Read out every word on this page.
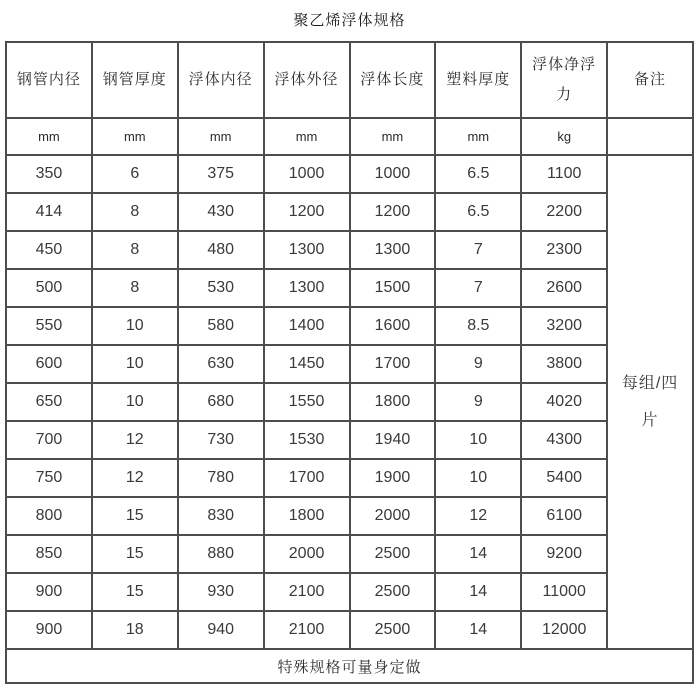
聚乙烯浮体规格
钢管内径	钢管厚度	浮体内径	浮体外径	浮体长度	塑料厚度	浮体净浮力	备注
mm	mm	mm	mm	mm	mm	kg	
350	6	375	1000	1000	6.5	1100	每组/四片
414	8	430	1200	1200	6.5	2200	
450	8	480	1300	1300	7	2300	
500	8	530	1300	1500	7	2600	
550	10	580	1400	1600	8.5	3200	
600	10	630	1450	1700	9	3800	
650	10	680	1550	1800	9	4020	
700	12	730	1530	1940	10	4300	
750	12	780	1700	1900	10	5400	
800	15	830	1800	2000	12	6100	
850	15	880	2000	2500	14	9200	
900	15	930	2100	2500	14	11000	
900	18	940	2100	2500	14	12000	
特殊规格可量身定做							
